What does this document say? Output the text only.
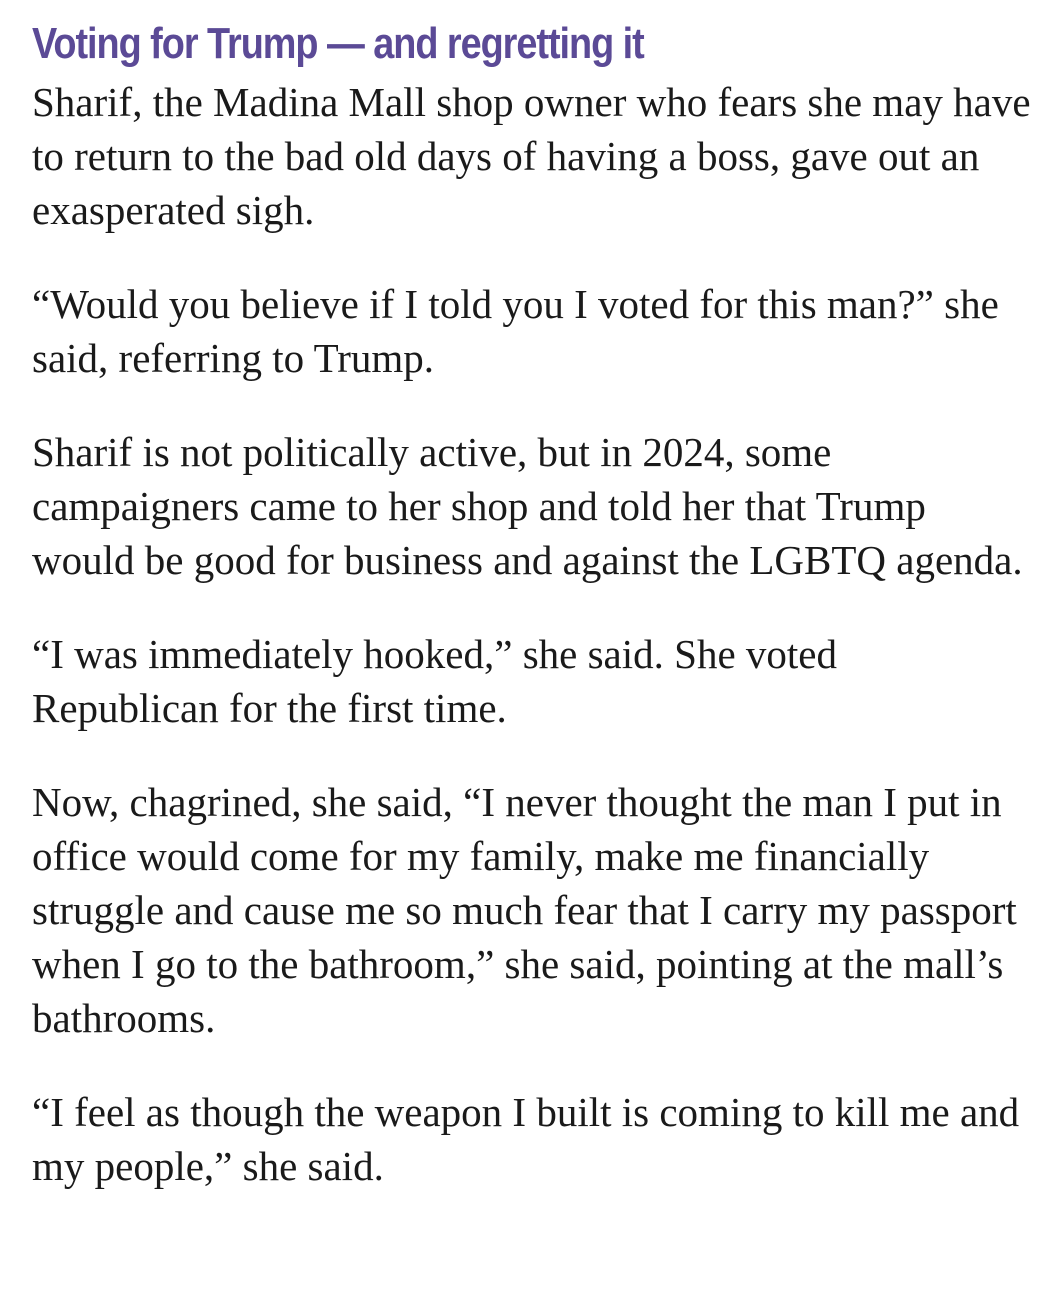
Voting for Trump — and regretting it

Sharif, the Madina Mall shop owner who fears she may have to return to the bad old days of having a boss, gave out an exasperated sigh.

“Would you believe if I told you I voted for this man?” she said, referring to Trump.

Sharif is not politically active, but in 2024, some campaigners came to her shop and told her that Trump would be good for business and against the LGBTQ agenda.

“I was immediately hooked,” she said. She voted Republican for the first time.

Now, chagrined, she said, “I never thought the man I put in office would come for my family, make me financially struggle and cause me so much fear that I carry my passport when I go to the bathroom,” she said, pointing at the mall’s bathrooms.

“I feel as though the weapon I built is coming to kill me and my people,” she said.
